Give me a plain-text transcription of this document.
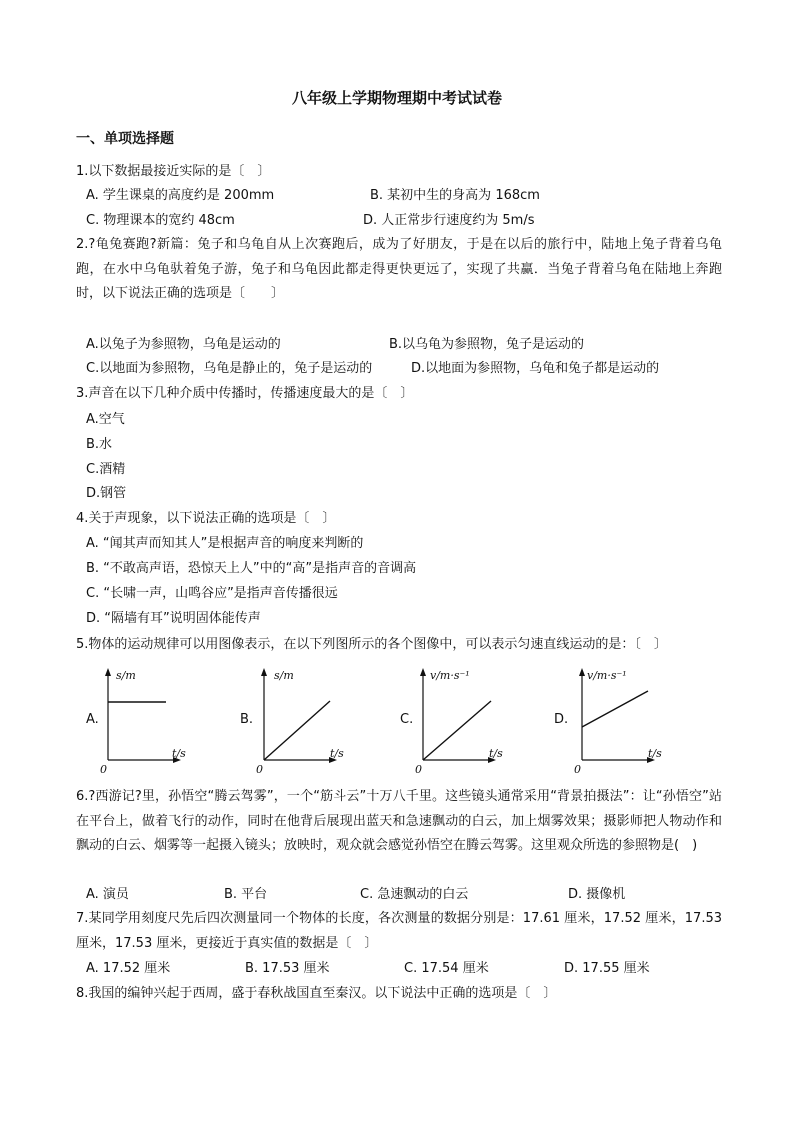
八年级上学期物理期中考试试卷
一、单项选择题
1.以下数据最接近实际的是〔　〕
A. 学生课桌的高度约是 200mm	B. 某初中生的身高为 168cm
C. 物理课本的宽约 48cm	D. 人正常步行速度约为 5m/s
2.?龟兔赛跑?新篇：兔子和乌龟自从上次赛跑后，成为了好朋友，于是在以后的旅行中，陆地上兔子背着乌龟跑，在水中乌龟驮着兔子游，兔子和乌龟因此都走得更快更远了，实现了共赢．当兔子背着乌龟在陆地上奔跑时，以下说法正确的选项是〔　　〕
A.以兔子为参照物，乌龟是运动的	B.以乌龟为参照物，兔子是运动的
C.以地面为参照物，乌龟是静止的，兔子是运动的	D.以地面为参照物，乌龟和兔子都是运动的
3.声音在以下几种介质中传播时，传播速度最大的是〔　〕
A.空气
B.水
C.酒精
D.钢管
4.关于声现象，以下说法正确的选项是〔　〕
A. “闻其声而知其人”是根据声音的响度来判断的
B. “不敢高声语，恐惊天上人”中的“高”是指声音的音调高
C. “长啸一声，山鸣谷应”是指声音传播很远
D. “隔墙有耳”说明固体能传声
5.物体的运动规律可以用图像表示，在以下列图所示的各个图像中，可以表示匀速直线运动的是：〔　〕
A.
s/m
t/s
0
B.
s/m
t/s
0
C.
v/m·s⁻¹
t/s
0
D.
v/m·s⁻¹
t/s
0
6.?西游记?里，孙悟空“腾云驾雾”，一个“筋斗云”十万八千里。这些镜头通常采用“背景拍摄法”：让“孙悟空”站在平台上，做着飞行的动作，同时在他背后展现出蓝天和急速飘动的白云，加上烟雾效果；摄影师把人物动作和飘动的白云、烟雾等一起摄入镜头；放映时，观众就会感觉孙悟空在腾云驾雾。这里观众所选的参照物是(　)
A. 演员	B. 平台	C. 急速飘动的白云	D. 摄像机
7.某同学用刻度尺先后四次测量同一个物体的长度，各次测量的数据分别是：17.61 厘米，17.52 厘米，17.53 厘米，17.53 厘米，更接近于真实值的数据是〔　〕
A. 17.52 厘米	B. 17.53 厘米	C. 17.54 厘米	D. 17.55 厘米
8.我国的编钟兴起于西周，盛于春秋战国直至秦汉。以下说法中正确的选项是〔　〕
